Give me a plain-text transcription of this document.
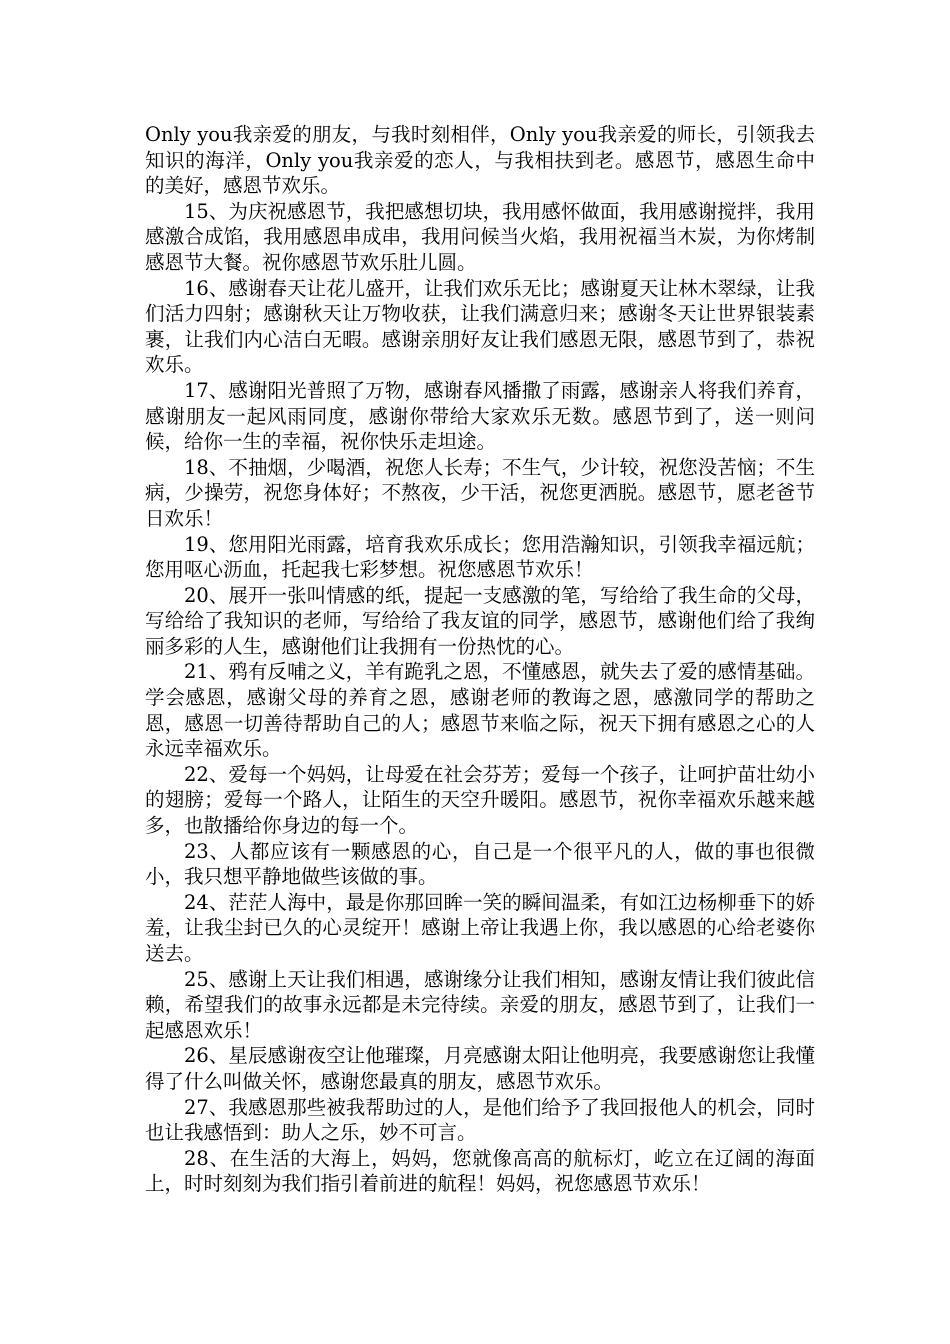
Only you我亲爱的朋友，与我时刻相伴，Only you我亲爱的师长，引领我去知识的海洋，Only you我亲爱的恋人，与我相扶到老。感恩节，感恩生命中的美好，感恩节欢乐。

15、为庆祝感恩节，我把感想切块，我用感怀做面，我用感谢搅拌，我用感激合成馅，我用感恩串成串，我用问候当火焰，我用祝福当木炭，为你烤制感恩节大餐。祝你感恩节欢乐肚儿圆。

16、感谢春天让花儿盛开，让我们欢乐无比；感谢夏天让林木翠绿，让我们活力四射；感谢秋天让万物收获，让我们满意归来；感谢冬天让世界银装素裹，让我们内心洁白无暇。感谢亲朋好友让我们感恩无限，感恩节到了，恭祝欢乐。

17、感谢阳光普照了万物，感谢春风播撒了雨露，感谢亲人将我们养育，感谢朋友一起风雨同度，感谢你带给大家欢乐无数。感恩节到了，送一则问候，给你一生的幸福，祝你快乐走坦途。

18、不抽烟，少喝酒，祝您人长寿；不生气，少计较，祝您没苦恼；不生病，少操劳，祝您身体好；不熬夜，少干活，祝您更洒脱。感恩节，愿老爸节日欢乐！

19、您用阳光雨露，培育我欢乐成长；您用浩瀚知识，引领我幸福远航；您用呕心沥血，托起我七彩梦想。祝您感恩节欢乐！

20、展开一张叫情感的纸，提起一支感激的笔，写给给了我生命的父母，写给给了我知识的老师，写给给了我友谊的同学，感恩节，感谢他们给了我绚丽多彩的人生，感谢他们让我拥有一份热忱的心。

21、鸦有反哺之义，羊有跪乳之恩，不懂感恩，就失去了爱的感情基础。学会感恩，感谢父母的养育之恩，感谢老师的教诲之恩，感激同学的帮助之恩，感恩一切善待帮助自己的人；感恩节来临之际，祝天下拥有感恩之心的人永远幸福欢乐。

22、爱每一个妈妈，让母爱在社会芬芳；爱每一个孩子，让呵护苗壮幼小的翅膀；爱每一个路人，让陌生的天空升暖阳。感恩节，祝你幸福欢乐越来越多，也散播给你身边的每一个。

23、人都应该有一颗感恩的心，自己是一个很平凡的人，做的事也很微小，我只想平静地做些该做的事。

24、茫茫人海中，最是你那回眸一笑的瞬间温柔，有如江边杨柳垂下的娇羞，让我尘封已久的心灵绽开！感谢上帝让我遇上你，我以感恩的心给老婆你送去。

25、感谢上天让我们相遇，感谢缘分让我们相知，感谢友情让我们彼此信赖，希望我们的故事永远都是未完待续。亲爱的朋友，感恩节到了，让我们一起感恩欢乐！

26、星辰感谢夜空让他璀璨，月亮感谢太阳让他明亮，我要感谢您让我懂得了什么叫做关怀，感谢您最真的朋友，感恩节欢乐。

27、我感恩那些被我帮助过的人，是他们给予了我回报他人的机会，同时也让我感悟到：助人之乐，妙不可言。

28、在生活的大海上，妈妈，您就像高高的航标灯，屹立在辽阔的海面上，时时刻刻为我们指引着前进的航程！妈妈，祝您感恩节欢乐！
